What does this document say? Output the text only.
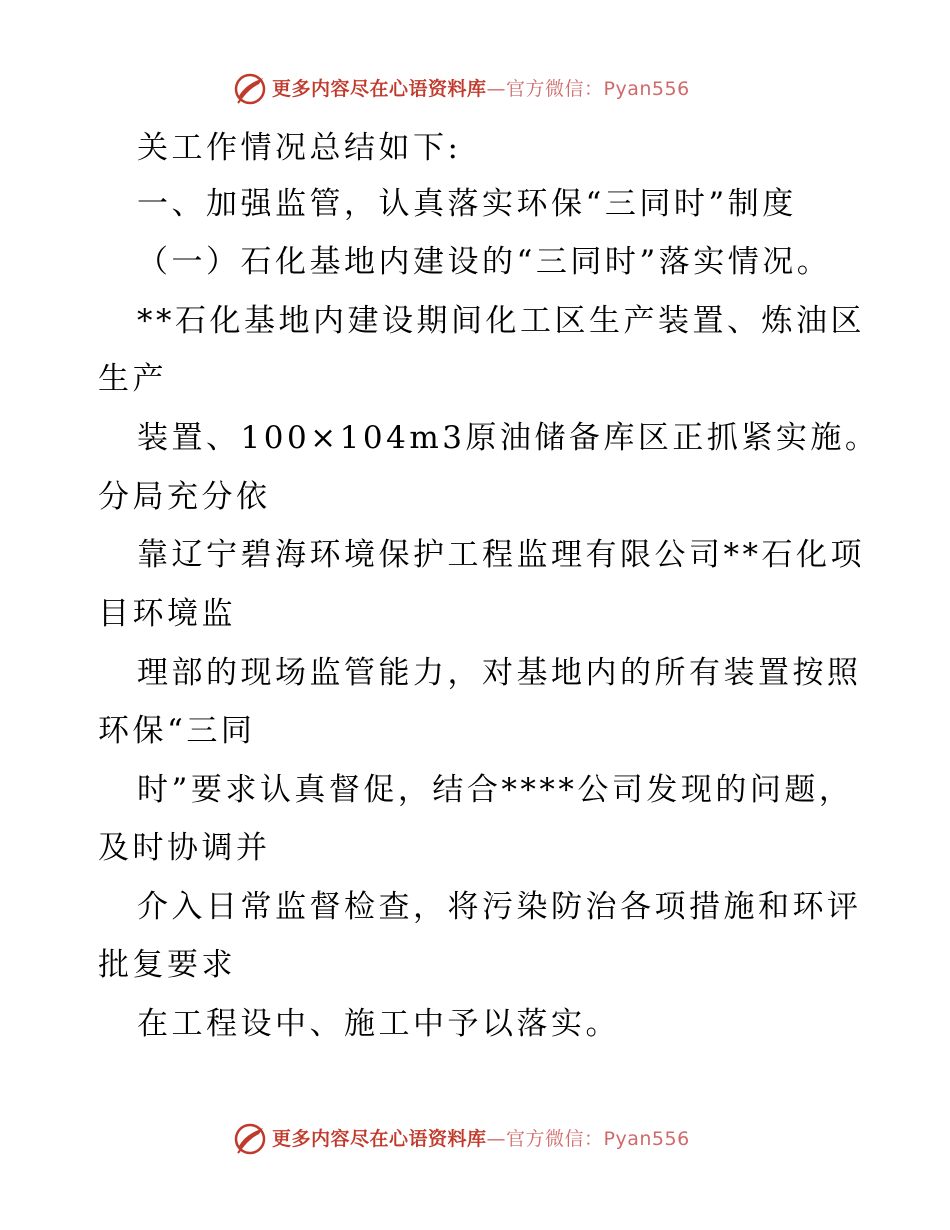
更多内容尽在心语资料库—官方微信：Pyan556
关工作情况总结如下:
一、加强监管，认真落实环保“三同时”制度
（一）石化基地内建设的“三同时”落实情况。
**石化基地内建设期间化工区生产装置、炼油区
生产
装置、100×104m3原油储备库区正抓紧实施。
分局充分依
靠辽宁碧海环境保护工程监理有限公司**石化项
目环境监
理部的现场监管能力，对基地内的所有装置按照
环保“三同
时”要求认真督促，结合****公司发现的问题，
及时协调并
介入日常监督检查，将污染防治各项措施和环评
批复要求
在工程设中、施工中予以落实。
更多内容尽在心语资料库—官方微信：Pyan556
